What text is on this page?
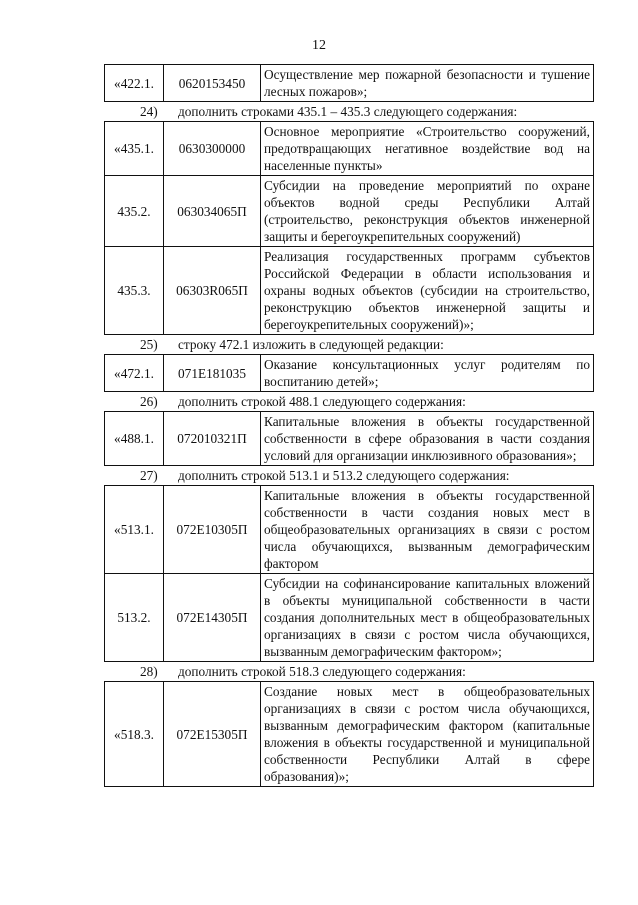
12
«422.1.	0620153450	Осуществление мер пожарной безопасности и тушение лесных пожаров»;
24) дополнить строками 435.1 – 435.3 следующего содержания:
«435.1.	0630300000	Основное мероприятие «Строительство сооружений, предотвращающих негативное воздействие вод на населенные пункты»
435.2.	063034065П	Субсидии на проведение мероприятий по охране объектов водной среды Республики Алтай (строительство, реконструкция объектов инженерной защиты и берегоукрепительных сооружений)
435.3.	06303R065П	Реализация государственных программ субъектов Российской Федерации в области использования и охраны водных объектов (субсидии на строительство, реконструкцию объектов инженерной защиты и берегоукрепительных сооружений)»;
25) строку 472.1 изложить в следующей редакции:
«472.1.	071E181035	Оказание консультационных услуг родителям по воспитанию детей»;
26) дополнить строкой 488.1 следующего содержания:
«488.1.	072010321П	Капитальные вложения в объекты государственной собственности в сфере образования в части создания условий для организации инклюзивного образования»;
27) дополнить строкой 513.1 и 513.2 следующего содержания:
«513.1.	072E10305П	Капитальные вложения в объекты государственной собственности в части создания новых мест в общеобразовательных организациях в связи с ростом числа обучающихся, вызванным демографическим фактором
513.2.	072E14305П	Субсидии на софинансирование капитальных вложений в объекты муниципальной собственности в части создания дополнительных мест в общеобразовательных организациях в связи с ростом числа обучающихся, вызванным демографическим фактором»;
28) дополнить строкой 518.3 следующего содержания:
«518.3.	072E15305П	Создание новых мест в общеобразовательных организациях в связи с ростом числа обучающихся, вызванным демографическим фактором (капитальные вложения в объекты государственной и муниципальной собственности Республики Алтай в сфере образования)»;
